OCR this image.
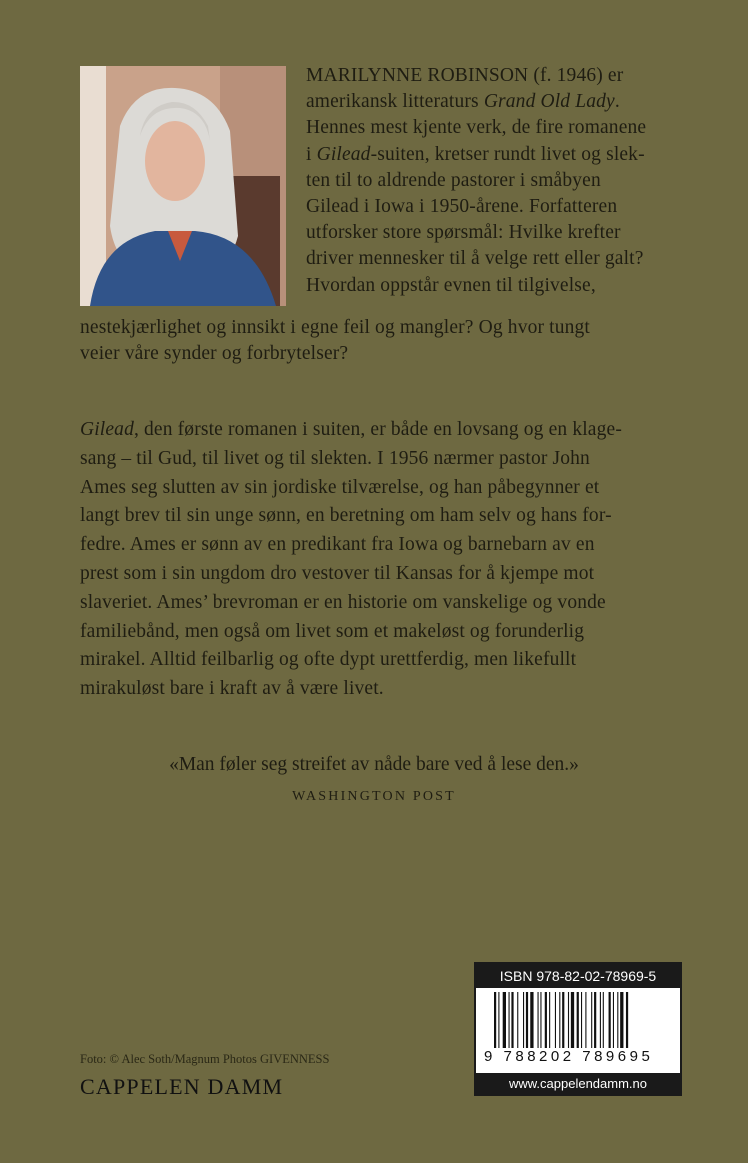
MARILYNNE ROBINSON (f. 1946) er
amerikansk litteraturs Grand Old Lady.
Hennes mest kjente verk, de fire romanene
i Gilead-suiten, kretser rundt livet og slek-
ten til to aldrende pastorer i småbyen
Gilead i Iowa i 1950-årene. Forfatteren
utforsker store spørsmål: Hvilke krefter
driver mennesker til å velge rett eller galt?
Hvordan oppstår evnen til tilgivelse,
nestekjærlighet og innsikt i egne feil og mangler? Og hvor tungt
veier våre synder og forbrytelser?
Gilead, den første romanen i suiten, er både en lovsang og en klage-
sang – til Gud, til livet og til slekten. I 1956 nærmer pastor John
Ames seg slutten av sin jordiske tilværelse, og han påbegynner et
langt brev til sin unge sønn, en beretning om ham selv og hans for-
fedre. Ames er sønn av en predikant fra Iowa og barnebarn av en
prest som i sin ungdom dro vestover til Kansas for å kjempe mot
slaveriet. Ames’ brevroman er en historie om vanskelige og vonde
familiebånd, men også om livet som et makeløst og forunderlig
mirakel. Alltid feilbarlig og ofte dypt urettferdig, men likefullt
mirakuløst bare i kraft av å være livet.
«Man føler seg streifet av nåde bare ved å lese den.»
WASHINGTON POST
Foto: © Alec Soth/Magnum Photos GIVENNESS
CAPPELEN DAMM
ISBN 978-82-02-78969-5
9 788202 789695
www.cappelendamm.no
